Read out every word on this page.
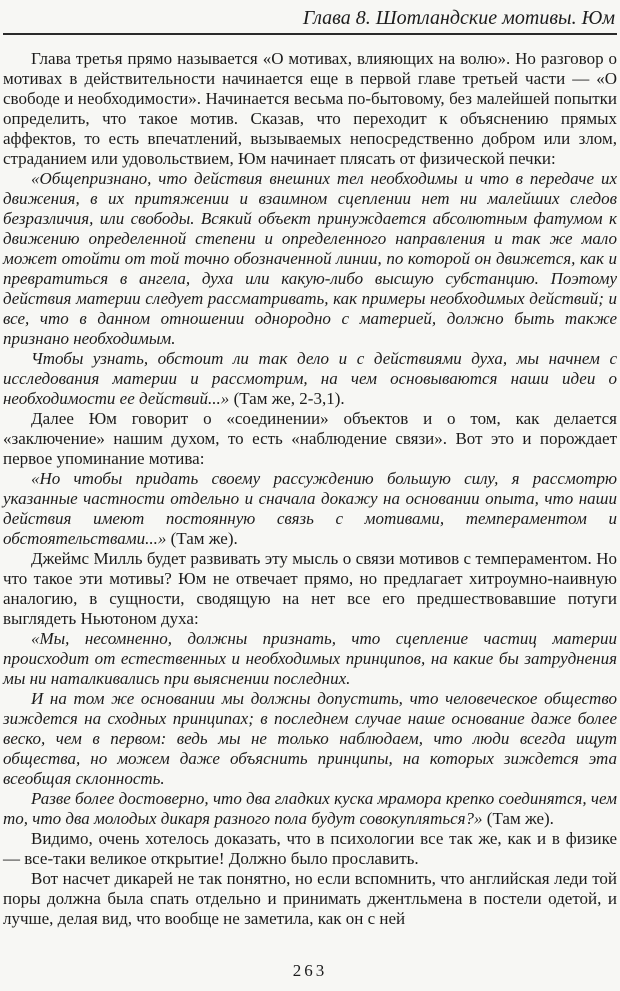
Глава 8. Шотландские мотивы. Юм

Глава третья прямо называется «О мотивах, влияющих на волю». Но разговор о мотивах в действительности начинается еще в первой главе третьей части — «О свободе и необходимости». Начинается весьма по-бытовому, без малейшей попытки определить, что такое мотив. Сказав, что переходит к объяснению прямых аффектов, то есть впечатлений, вызываемых непосредственно добром или злом, страданием или удовольствием, Юм начинает плясать от физической печки:

«Общепризнано, что действия внешних тел необходимы и что в передаче их движения, в их притяжении и взаимном сцеплении нет ни малейших следов безразличия, или свободы. Всякий объект принуждается абсолютным фатумом к движению определенной степени и определенного направления и так же мало может отойти от той точно обозначенной линии, по которой он движется, как и превратиться в ангела, духа или какую-либо высшую субстанцию. Поэтому действия материи следует рассматривать, как примеры необходимых действий; и все, что в данном отношении однородно с материей, должно быть также признано необходимым.

Чтобы узнать, обстоит ли так дело и с действиями духа, мы начнем с исследования материи и рассмотрим, на чем основываются наши идеи о необходимости ее действий...» (Там же, 2-3,1).

Далее Юм говорит о «соединении» объектов и о том, как делается «заключение» нашим духом, то есть «наблюдение связи». Вот это и порождает первое упоминание мотива:

«Но чтобы придать своему рассуждению большую силу, я рассмотрю указанные частности отдельно и сначала докажу на основании опыта, что наши действия имеют постоянную связь с мотивами, темпераментом и обстоятельствами...» (Там же).

Джеймс Милль будет развивать эту мысль о связи мотивов с темпераментом. Но что такое эти мотивы? Юм не отвечает прямо, но предлагает хитроумно-наивную аналогию, в сущности, сводящую на нет все его предшествовавшие потуги выглядеть Ньютоном духа:

«Мы, несомненно, должны признать, что сцепление частиц материи происходит от естественных и необходимых принципов, на какие бы затруднения мы ни наталкивались при выяснении последних.

И на том же основании мы должны допустить, что человеческое общество зиждется на сходных принципах; в последнем случае наше основание даже более веско, чем в первом: ведь мы не только наблюдаем, что люди всегда ищут общества, но можем даже объяснить принципы, на которых зиждется эта всеобщая склонность.

Разве более достоверно, что два гладких куска мрамора крепко соединятся, чем то, что два молодых дикаря разного пола будут совокупляться?» (Там же).

Видимо, очень хотелось доказать, что в психологии все так же, как и в физике — все-таки великое открытие! Должно было прославить.

Вот насчет дикарей не так понятно, но если вспомнить, что английская леди той поры должна была спать отдельно и принимать джентльмена в постели одетой, и лучше, делая вид, что вообще не заметила, как он с ней

263
